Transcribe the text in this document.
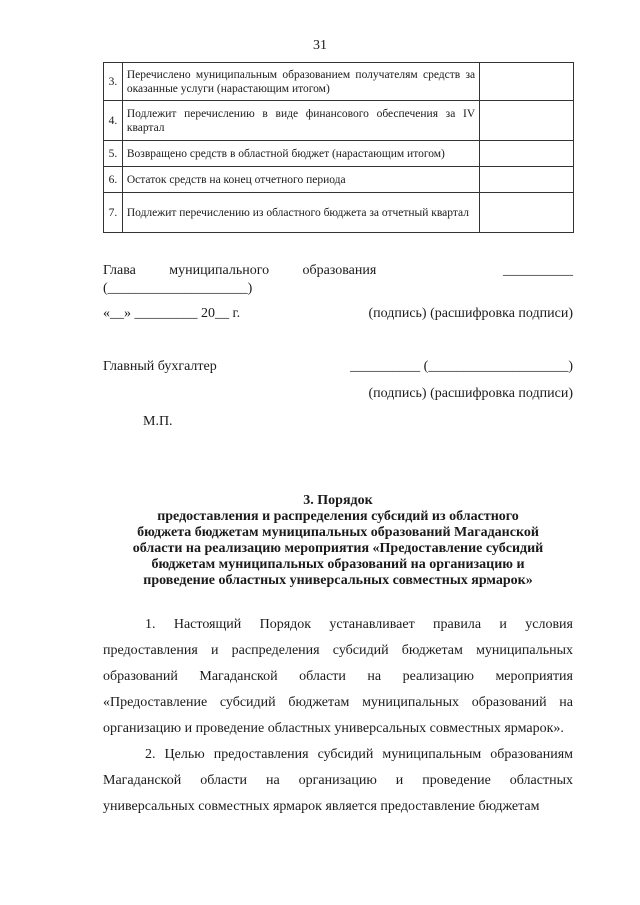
31
3.	Перечислено муниципальным образованием получателям средств за оказанные услуги (нарастающим итогом)	
4.	Подлежит перечислению в виде финансового обеспечения за IV квартал	
5.	Возвращено средств в областной бюджет (нарастающим итогом)	
6.	Остаток средств на конец отчетного периода	
7.	Подлежит перечислению из областного бюджета за отчетный квартал	
Глава муниципального образования	__________
(____________________)
«__» _________ 20__ г.	(подпись) (расшифровка подписи)
Главный бухгалтер	__________ (____________________)
(подпись) (расшифровка подписи)
М.П.
3. Порядок
предоставления и распределения субсидий из областного
бюджета бюджетам муниципальных образований Магаданской
области на реализацию мероприятия «Предоставление субсидий
бюджетам муниципальных образований на организацию и
проведение областных универсальных совместных ярмарок»

1. Настоящий Порядок устанавливает правила и условия предоставления и распределения субсидий бюджетам муниципальных образований Магаданской области на реализацию мероприятия «Предоставление субсидий бюджетам муниципальных образований на организацию и проведение областных универсальных совместных ярмарок».

2. Целью предоставления субсидий муниципальным образованиям Магаданской области на организацию и проведение областных универсальных совместных ярмарок является предоставление бюджетам
